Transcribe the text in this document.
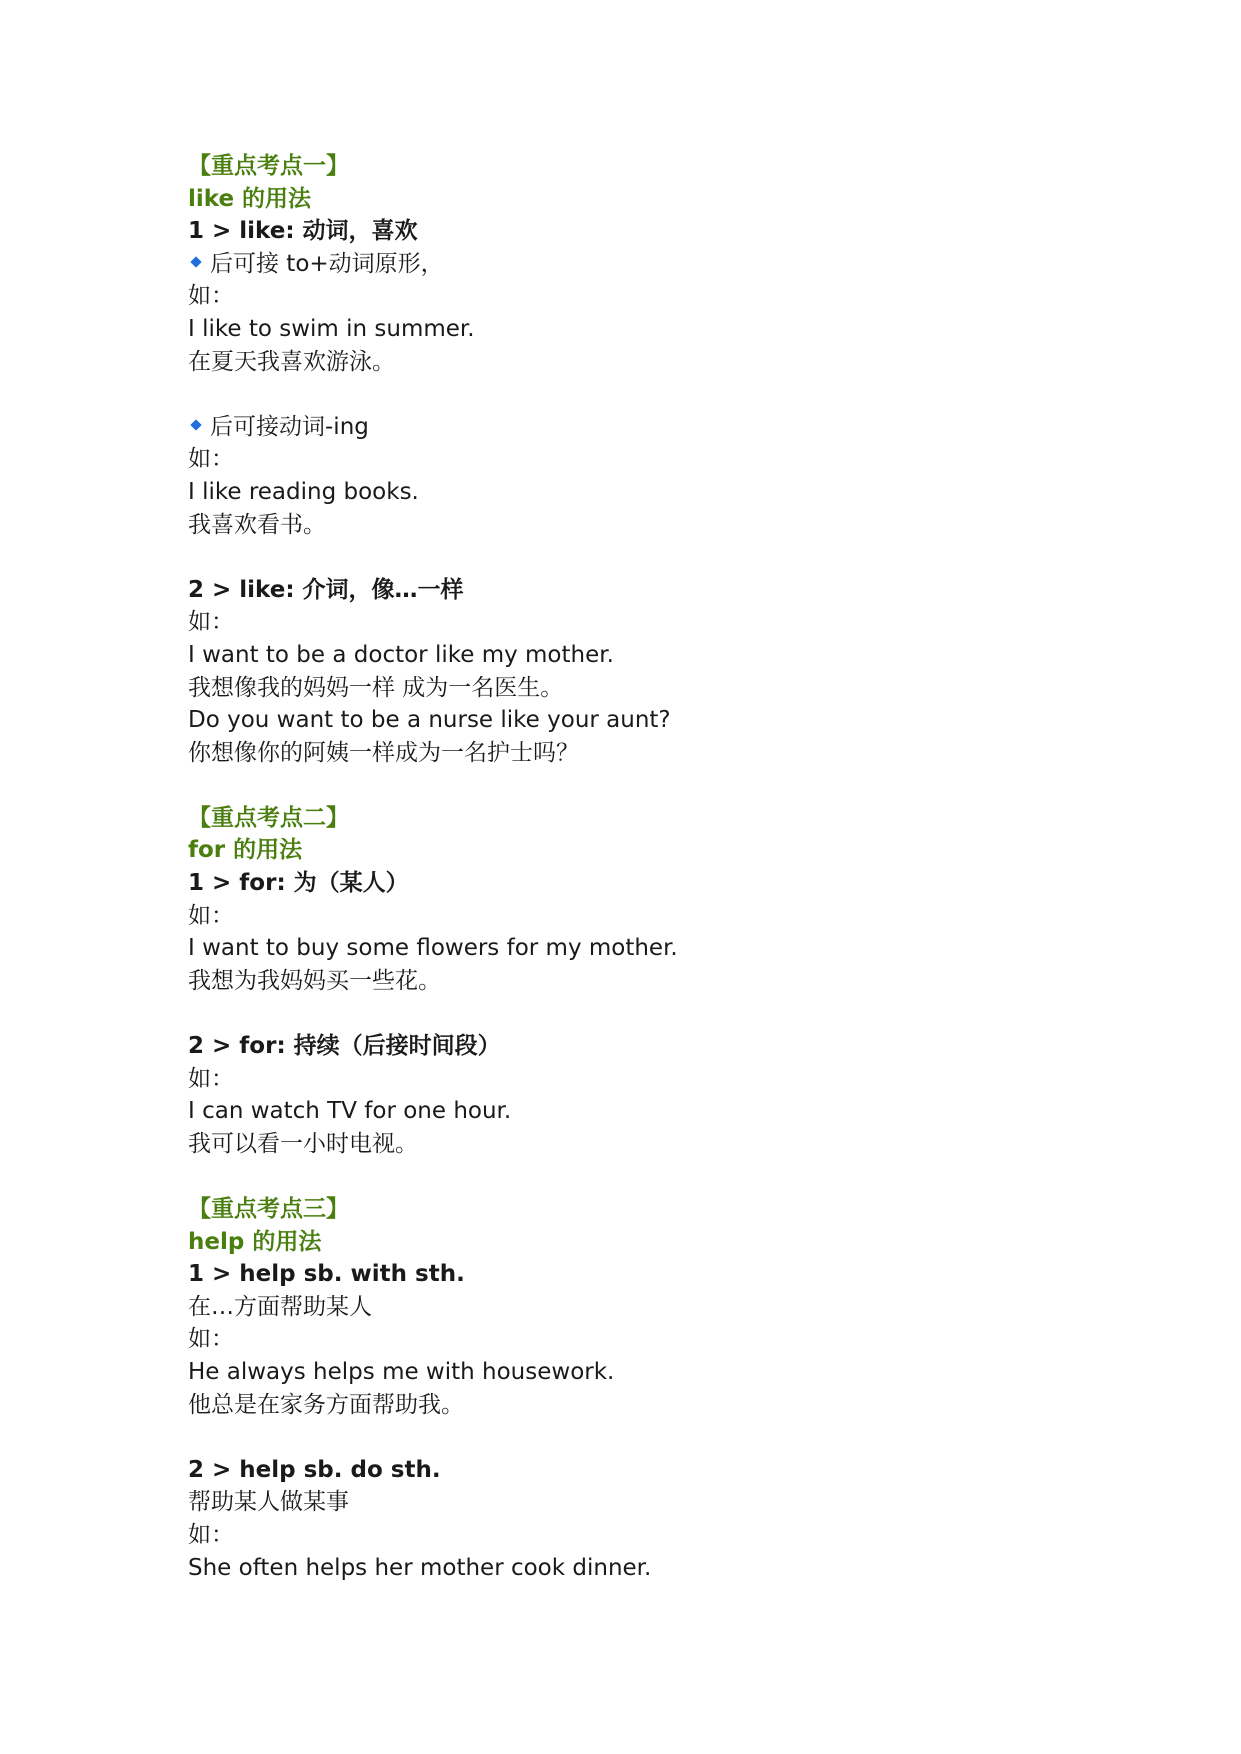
【重点考点一】
like 的用法
1 > like: 动词，喜欢
后可接 to+动词原形，
如：
I like to swim in summer.
在夏天我喜欢游泳。
后可接动词-ing
如：
I like reading books.
我喜欢看书。
2 > like: 介词，像…一样
如：
I want to be a doctor like my mother.
我想像我的妈妈一样 成为一名医生。
Do you want to be a nurse like your aunt?
你想像你的阿姨一样成为一名护士吗？
【重点考点二】
for 的用法
1 > for: 为（某人）
如：
I want to buy some flowers for my mother.
我想为我妈妈买一些花。
2 > for: 持续（后接时间段）
如：
I can watch TV for one hour.
我可以看一小时电视。
【重点考点三】
help 的用法
1 > help sb. with sth.
在…方面帮助某人
如：
He always helps me with housework.
他总是在家务方面帮助我。
2 > help sb. do sth.
帮助某人做某事
如：
She often helps her mother cook dinner.
